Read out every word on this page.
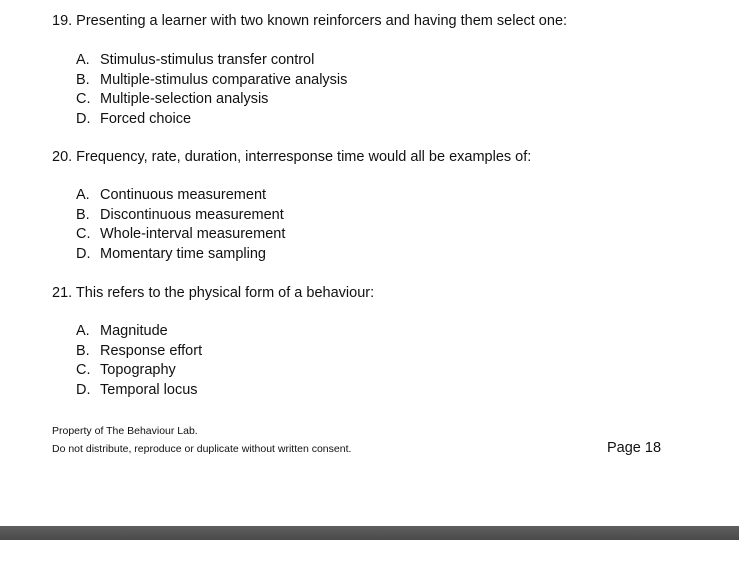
19. Presenting a learner with two known reinforcers and having them select one:
A. Stimulus-stimulus transfer control
B. Multiple-stimulus comparative analysis
C. Multiple-selection analysis
D. Forced choice
20. Frequency, rate, duration, interresponse time would all be examples of:
A. Continuous measurement
B. Discontinuous measurement
C. Whole-interval measurement
D. Momentary time sampling
21. This refers to the physical form of a behaviour:
A. Magnitude
B. Response effort
C. Topography
D. Temporal locus
Property of The Behaviour Lab.
Do not distribute, reproduce or duplicate without written consent.	Page 18
